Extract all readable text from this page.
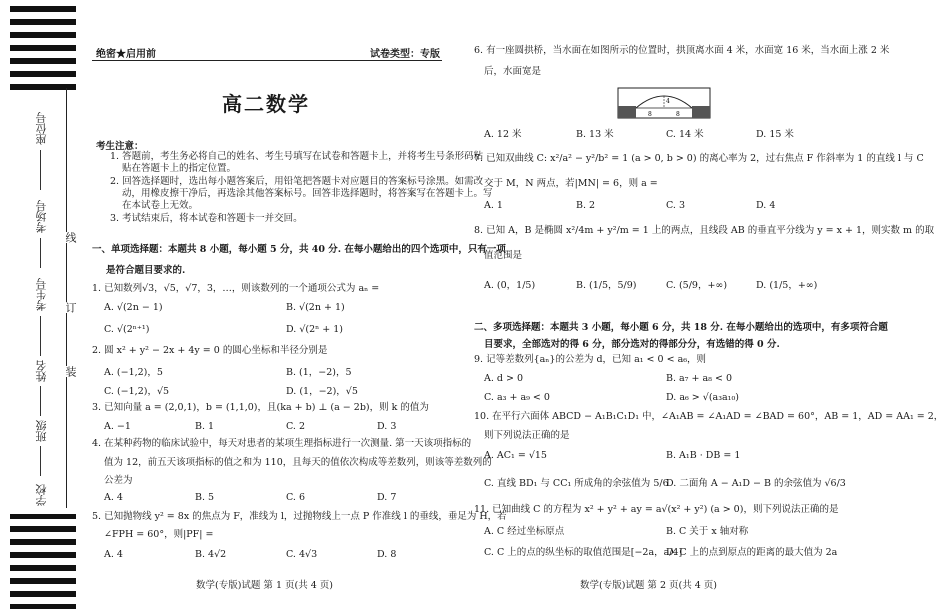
座位号
考场号
考生号
姓名
班级
学校
线
订
装
绝密★启用前	试卷类型：专版
高二数学
考生注意：
1. 答题前，考生务必将自己的姓名、考生号填写在试卷和答题卡上，并将考生号条形码粘
贴在答题卡上的指定位置。
2. 回答选择题时，选出每小题答案后，用铅笔把答题卡对应题目的答案标号涂黑。如需改
动，用橡皮擦干净后，再选涂其他答案标号。回答非选择题时，将答案写在答题卡上。写
在本试卷上无效。
3. 考试结束后，将本试卷和答题卡一并交回。
一、单项选择题：本题共 8 小题，每小题 5 分，共 40 分. 在每小题给出的四个选项中，只有一项
是符合题目要求的.
1. 已知数列√3，√5，√7，3，…，则该数列的一个通项公式为 aₙ =
A. √(2n − 1)	B. √(2n + 1)
C. √(2ⁿ⁺¹)	D. √(2ⁿ + 1)
2. 圆 x² + y² − 2x + 4y = 0 的圆心坐标和半径分别是
A. (−1,2)，5	B. (1，−2)，5
C. (−1,2)，√5	D. (1，−2)，√5
3. 已知向量 a = (2,0,1)，b = (1,1,0)，且(ka + b) ⊥ (a − 2b)，则 k 的值为
A. −1	B. 1	C. 2	D. 3
4. 在某种药物的临床试验中，每天对患者的某项生理指标进行一次测量. 第一天该项指标的
值为 12，前五天该项指标的值之和为 110，且每天的值依次构成等差数列，则该等差数列的
公差为
A. 4	B. 5	C. 6	D. 7
5. 已知抛物线 y² = 8x 的焦点为 F，准线为 l，过抛物线上一点 P 作准线 l 的垂线，垂足为 H，若
∠FPH = 60°，则|PF| =
A. 4	B. 4√2	C. 4√3	D. 8
数学(专版)试题 第 1 页(共 4 页)
6. 有一座圆拱桥，当水面在如图所示的位置时，拱顶离水面 4 米，水面宽 16 米，当水面上涨 2 米
后，水面宽是
4
8	8
A. 12 米	B. 13 米	C. 14 米	D. 15 米
7. 已知双曲线 C: x²/a² − y²/b² = 1 (a > 0, b > 0) 的离心率为 2，过右焦点 F 作斜率为 1 的直线 l 与 C
交于 M，N 两点，若|MN| = 6，则 a =
A. 1	B. 2	C. 3	D. 4
8. 已知 A，B 是椭圆 x²/4m + y²/m = 1 上的两点，且线段 AB 的垂直平分线为 y = x + 1，则实数 m 的取
值范围是
A. (0，1/5)	B. (1/5，5/9)	C. (5/9，+∞)	D. (1/5，+∞)
二、多项选择题：本题共 3 小题，每小题 6 分，共 18 分. 在每小题给出的选项中，有多项符合题
目要求，全部选对的得 6 分，部分选对的得部分分，有选错的得 0 分.
9. 记等差数列{aₙ}的公差为 d，已知 a₁ < 0 < a₆，则
A. d > 0	B. a₇ + a₈ < 0
C. a₃ + a₉ < 0	D. a₆ > √(a₃a₁₀)
10. 在平行六面体 ABCD − A₁B₁C₁D₁ 中，∠A₁AB = ∠A₁AD = ∠BAD = 60°，AB = 1，AD = AA₁ = 2，
则下列说法正确的是
A. AC₁ = √15	B. A₁B · DB = 1
C. 直线 BD₁ 与 CC₁ 所成角的余弦值为 5/6
D. 二面角 A − A₁D − B 的余弦值为 √6/3
11. 已知曲线 C 的方程为 x² + y² + ay = a√(x² + y²) (a > 0)，则下列说法正确的是
A. C 经过坐标原点	B. C 关于 x 轴对称
C. C 上的点的纵坐标的取值范围是[−2a，a/4]
D. C 上的点到原点的距离的最大值为 2a
数学(专版)试题 第 2 页(共 4 页)
